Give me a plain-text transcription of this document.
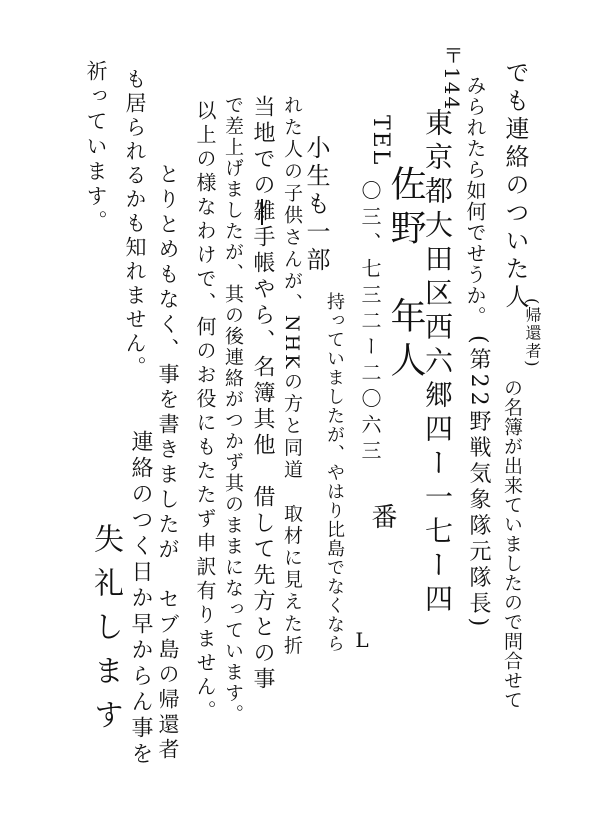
でも連絡のついた人
(帰還者)
の名簿が出来ていましたので問合せて
みられたら如何でせうか。
(第22野戦気象隊元隊長)
〒144
東京都大田区西六郷四ー一七ー四
佐野　年人
TEL
〇三、七三二ー二〇六三
番
L
小生も一部
持っていましたが、やはり比島でなくなら
れた人の子供さんが、NHKの方と同道　取材に見えた折
当地での雑手帳やら、名簿其他　借して先方との事
で差上げましたが、其の後連絡がつかず其のままになっています。
以上の様なわけで、何のお役にもたたず申訳有りません。
とりとめもなく、事を書きましたが　セブ島の帰還者
も居られるかも知れません。
連絡のつく日か早からん事を
祈っています。
失礼します
